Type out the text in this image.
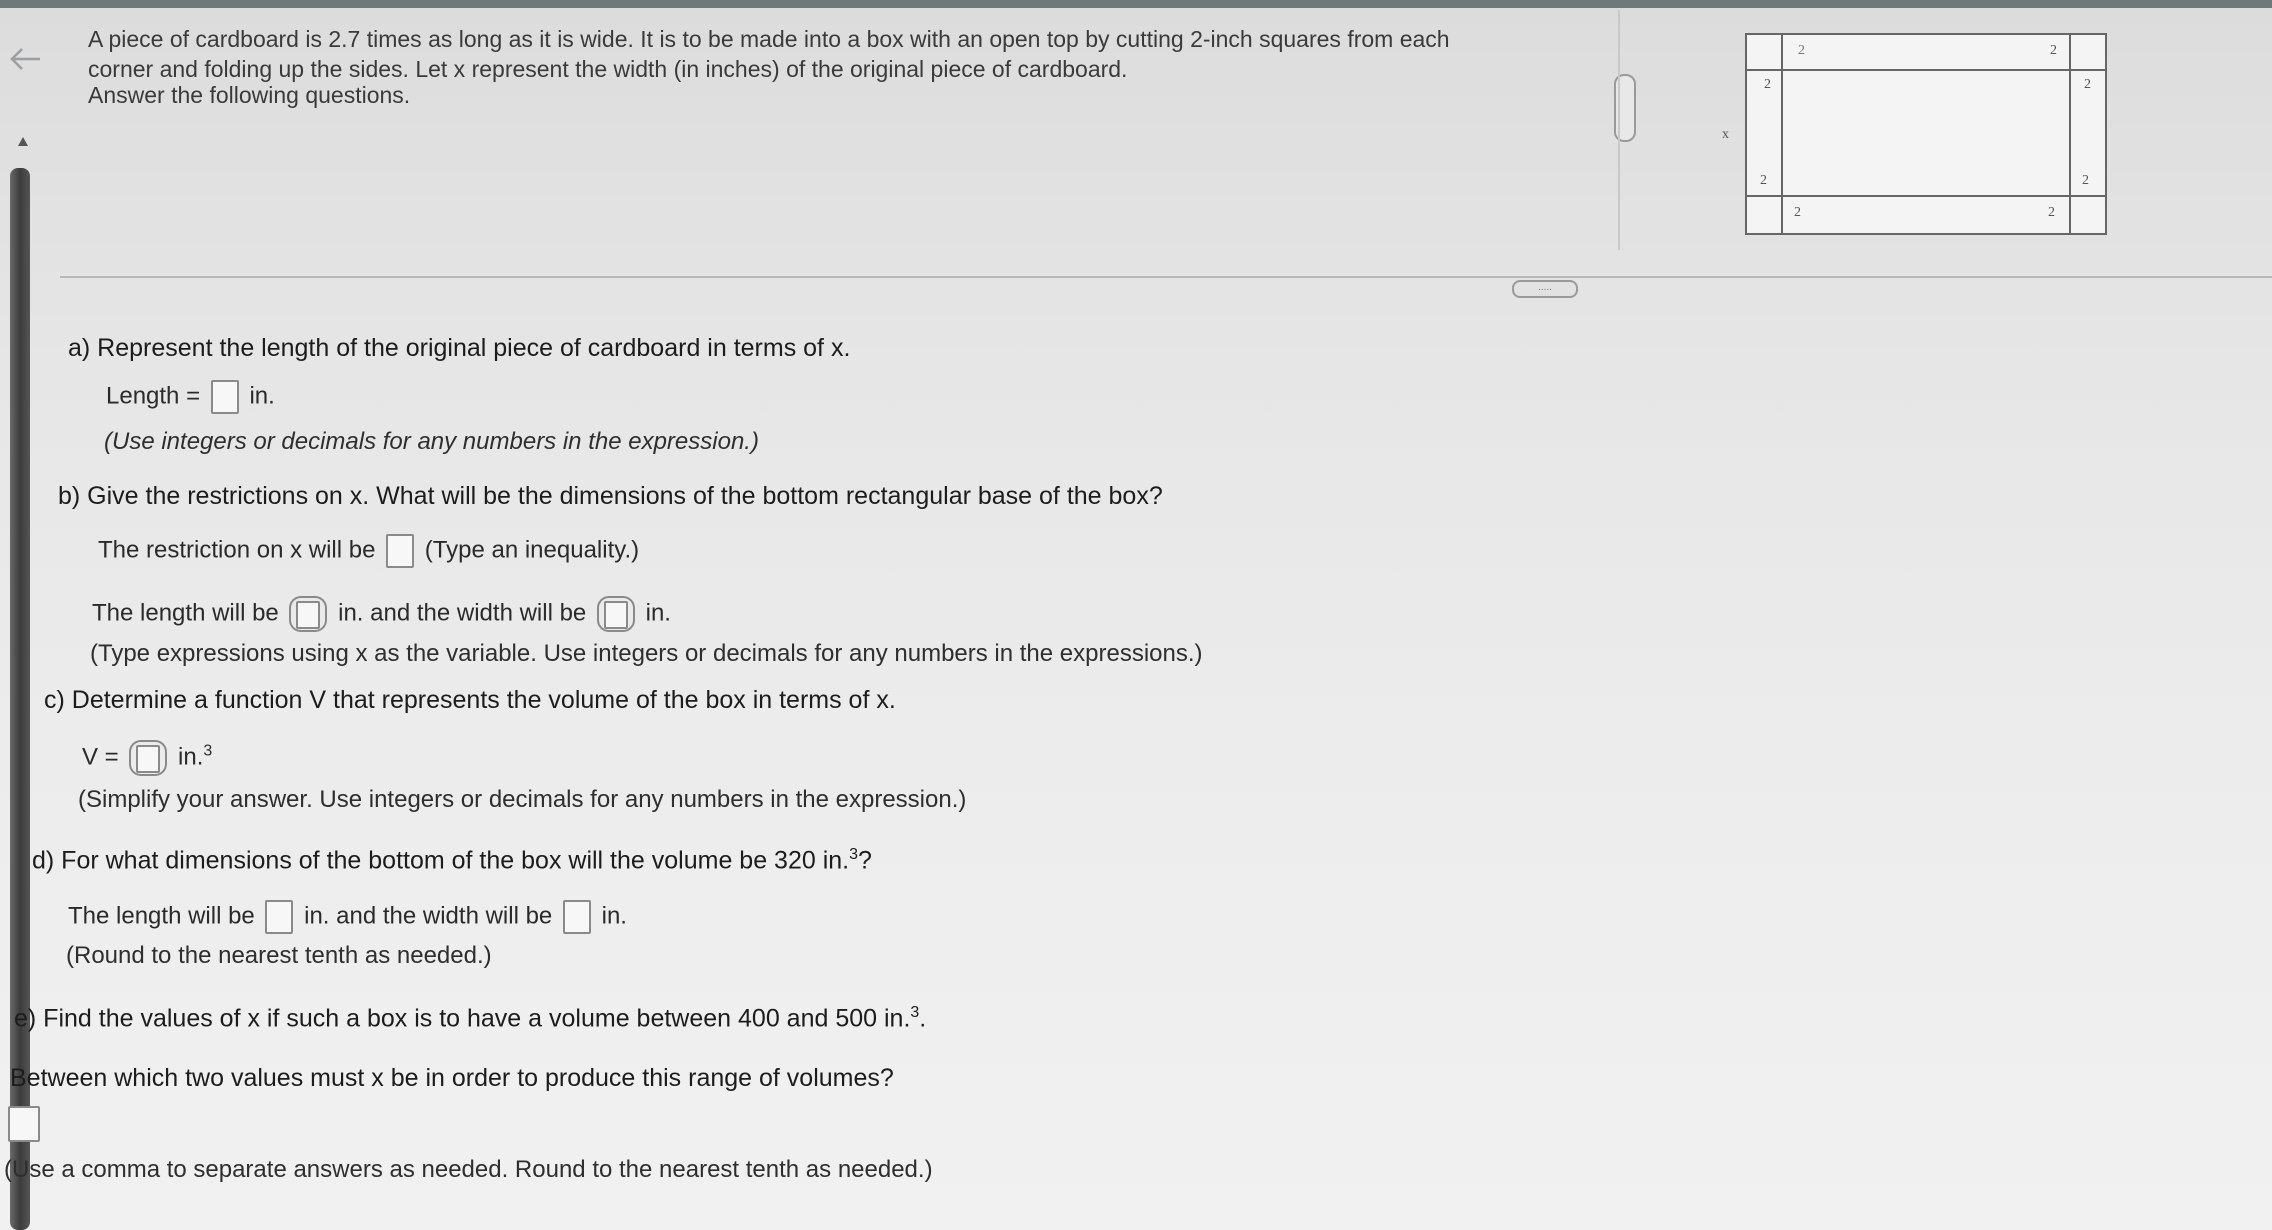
A piece of cardboard is 2.7 times as long as it is wide. It is to be made into a box with an open top by cutting 2-inch squares from each
corner and folding up the sides. Let x represent the width (in inches) of the original piece of cardboard.
Answer the following questions.
2	2
2	2
2	2
2	2
x
.....
a) Represent the length of the original piece of cardboard in terms of x.
Length = in.
(Use integers or decimals for any numbers in the expression.)
b) Give the restrictions on x. What will be the dimensions of the bottom rectangular base of the box?
The restriction on x will be (Type an inequality.)
The length will be in. and the width will be in.
(Type expressions using x as the variable. Use integers or decimals for any numbers in the expressions.)
c) Determine a function V that represents the volume of the box in terms of x.
V = in.$^3$
(Simplify your answer. Use integers or decimals for any numbers in the expression.)
d) For what dimensions of the bottom of the box will the volume be 320 in.$^3$?
The length will be in. and the width will be in.
(Round to the nearest tenth as needed.)
e) Find the values of x if such a box is to have a volume between 400 and 500 in.$^3$.
Between which two values must x be in order to produce this range of volumes?
(Use a comma to separate answers as needed. Round to the nearest tenth as needed.)
